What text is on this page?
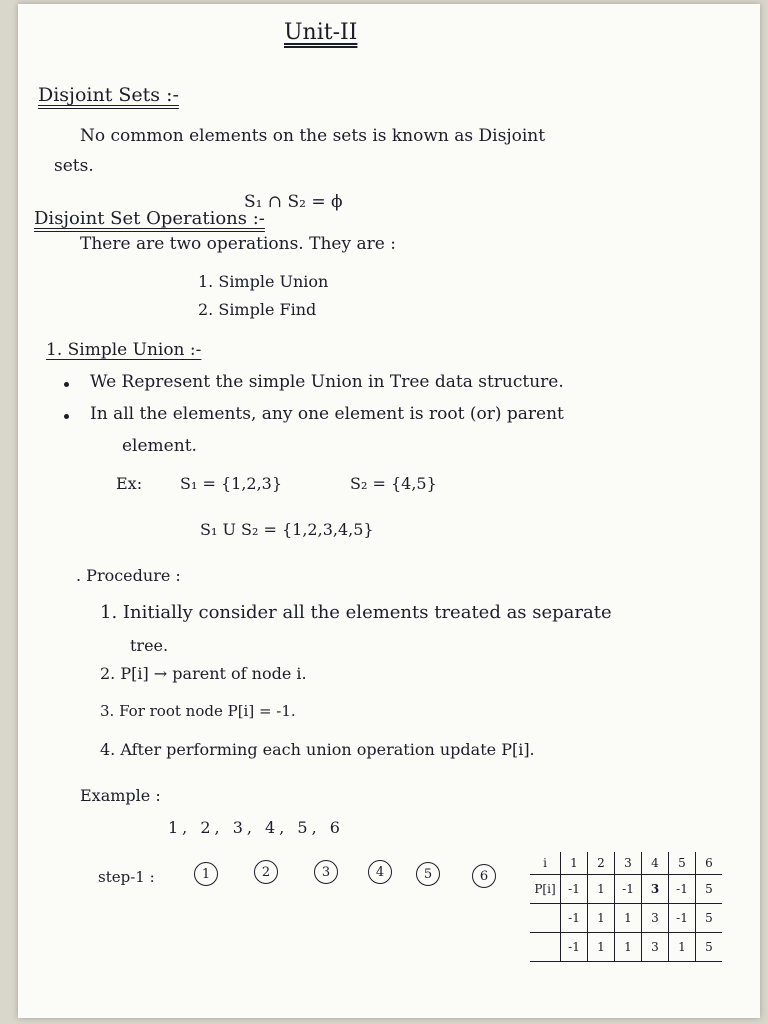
Unit-II
Disjoint Sets :-
No common elements on the sets is known as Disjoint
sets.
S₁ ∩ S₂ = ϕ
Disjoint Set Operations :-
There are two operations. They are :
1. Simple Union
2. Simple Find
1. Simple Union :-
We Represent the simple Union in Tree data structure.
In all the elements, any one element is root (or) parent
element.
Ex: S₁ = {1,2,3}	S₂ = {4,5}
S₁ U S₂ = {1,2,3,4,5}
. Procedure :
1. Initially consider all the elements treated as separate
tree.
2. P[i] → parent of node i.
3. For root node P[i] = -1.
4. After performing each union operation update P[i].
Example :
1, 2, 3, 4, 5, 6
step-1 :	1	2	3	4	5	6
i	1	2	3	4	5	6
P[i]	-1	1	-1	3	-1	5
	-1	1	1	3	-1	5
	-1	1	1	3	1	5
